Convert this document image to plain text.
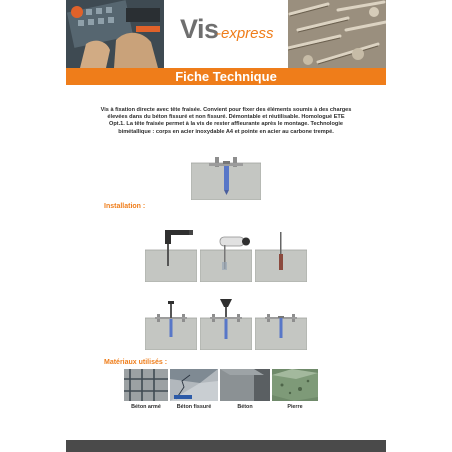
Vis
-express
Fiche Technique
Vis à fixation directe avec tête fraisée. Convient pour fixer des éléments soumis à des charges élevées dans du béton fissuré et non fissuré. Démontable et réutilisable. Homologué ETE Opt.1. La tête fraisée permet à la vis de rester affleurante après le montage. Technologie bimétallique : corps en acier inoxydable A4 et pointe en acier au carbone trempé.
Installation :
Matériaux utilisés :
Béton armé	Béton fissuré	Béton	Pierre
